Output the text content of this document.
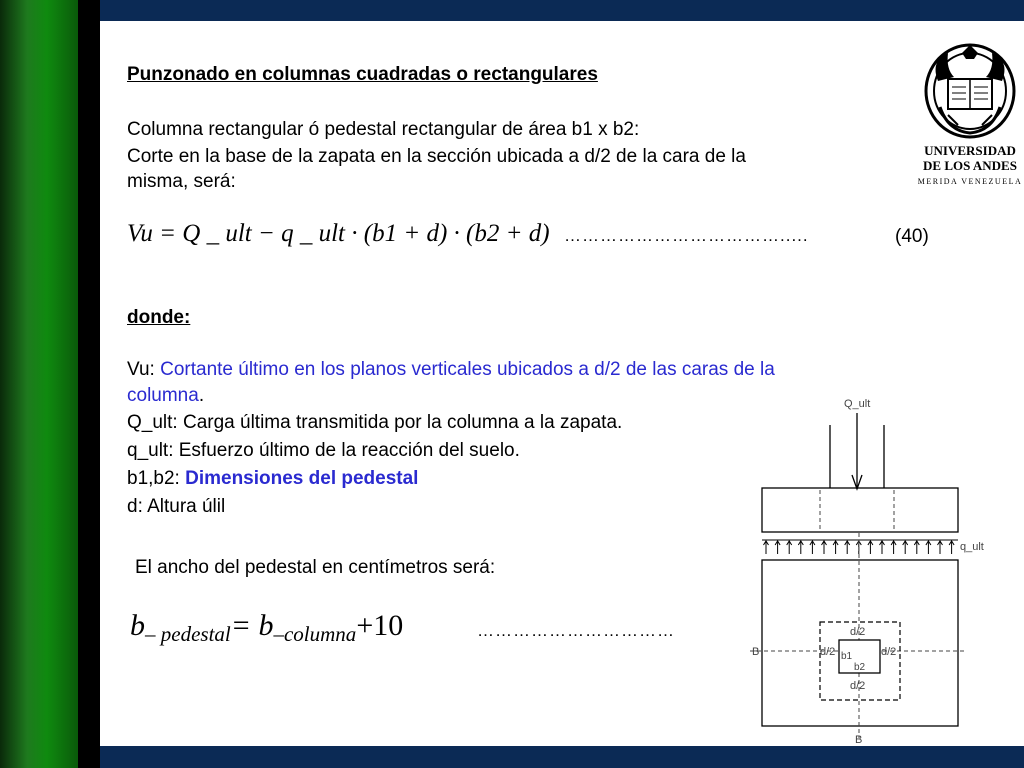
Punzonado en columnas cuadradas o rectangulares
Columna rectangular ó pedestal rectangular de área b1 x b2:
Corte en la base de la zapata en la sección ubicada a d/2 de la cara de la
misma, será:
Vu = Q _ ult − q _ ult · (b1 + d) · (b2 + d) ……………………………….....	(40)
donde:
Vu: Cortante último en los planos verticales ubicados a d/2 de las caras de la
columna.
Q_ult: Carga última transmitida por la columna a la zapata.
q_ult: Esfuerzo último de la reacción del suelo.
b1,b2: Dimensiones del pedestal
d: Altura úlil
El ancho del pedestal en centímetros será:
b– pedestal= b–columna+10	……………………………
UNIVERSIDAD
DE LOS ANDES
MERIDA VENEZUELA
Q_ult
q_ult
d/2
d/2	d/2
d/2
b1
b2
B
B
